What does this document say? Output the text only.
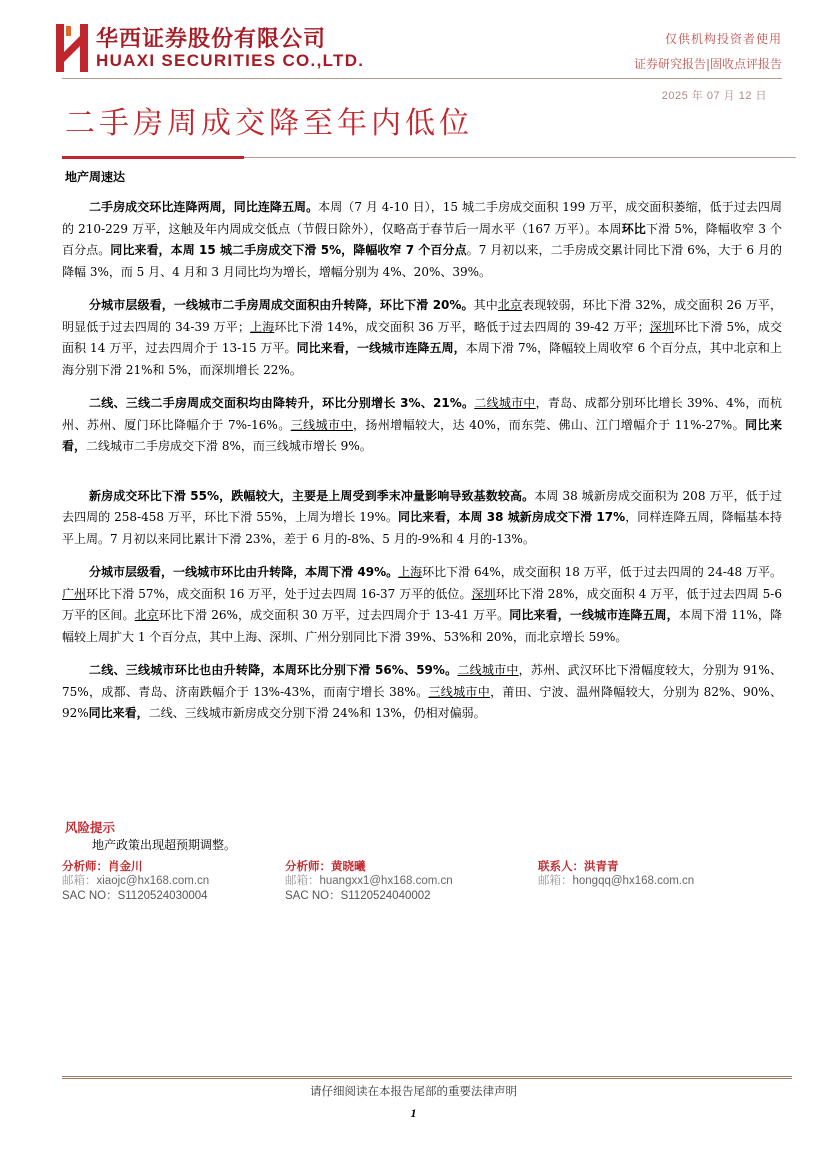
华西证券股份有限公司
HUAXI SECURITIES CO.,LTD.
仅供机构投资者使用
证券研究报告|固收点评报告
2025 年 07 月 12 日
二手房周成交降至年内低位
地产周速达

二手房成交环比连降两周，同比连降五周。本周（7 月 4-10 日），15 城二手房成交面积 199 万平，成交面积萎缩，低于过去四周的 210-229 万平，这触及年内周成交低点（节假日除外），仅略高于春节后一周水平（167 万平）。本周环比下滑 5%，降幅收窄 3 个百分点。同比来看，本周 15 城二手房成交下滑 5%，降幅收窄 7 个百分点。7 月初以来，二手房成交累计同比下滑 6%，大于 6 月的降幅 3%，而 5 月、4 月和 3 月同比均为增长，增幅分别为 4%、20%、39%。

分城市层级看，一线城市二手房周成交面积由升转降，环比下滑 20%。其中北京表现较弱，环比下滑 32%，成交面积 26 万平，明显低于过去四周的 34-39 万平；上海环比下滑 14%，成交面积 36 万平，略低于过去四周的 39-42 万平；深圳环比下滑 5%，成交面积 14 万平，过去四周介于 13-15 万平。同比来看，一线城市连降五周，本周下滑 7%，降幅较上周收窄 6 个百分点，其中北京和上海分别下滑 21%和 5%，而深圳增长 22%。

二线、三线二手房周成交面积均由降转升，环比分别增长 3%、21%。二线城市中，青岛、成都分别环比增长 39%、4%，而杭州、苏州、厦门环比降幅介于 7%-16%。三线城市中，扬州增幅较大，达 40%，而东莞、佛山、江门增幅介于 11%-27%。同比来看，二线城市二手房成交下滑 8%，而三线城市增长 9%。

新房成交环比下滑 55%，跌幅较大，主要是上周受到季末冲量影响导致基数较高。本周 38 城新房成交面积为 208 万平，低于过去四周的 258-458 万平，环比下滑 55%，上周为增长 19%。同比来看，本周 38 城新房成交下滑 17%，同样连降五周，降幅基本持平上周。7 月初以来同比累计下滑 23%，差于 6 月的-8%、5 月的-9%和 4 月的-13%。

分城市层级看，一线城市环比由升转降，本周下滑 49%。上海环比下滑 64%，成交面积 18 万平，低于过去四周的 24-48 万平。广州环比下滑 57%，成交面积 16 万平，处于过去四周 16-37 万平的低位。深圳环比下滑 28%，成交面积 4 万平，低于过去四周 5-6 万平的区间。北京环比下滑 26%，成交面积 30 万平，过去四周介于 13-41 万平。同比来看，一线城市连降五周，本周下滑 11%，降幅较上周扩大 1 个百分点，其中上海、深圳、广州分别同比下滑 39%、53%和 20%，而北京增长 59%。

二线、三线城市环比也由升转降，本周环比分别下滑 56%、59%。二线城市中，苏州、武汉环比下滑幅度较大，分别为 91%、75%，成都、青岛、济南跌幅介于 13%-43%，而南宁增长 38%。三线城市中，莆田、宁波、温州降幅较大，分别为 82%、90%、92%同比来看，二线、三线城市新房成交分别下滑 24%和 13%，仍相对偏弱。

风险提示
地产政策出现超预期调整。
分析师：肖金川
邮箱：xiaojc@hx168.com.cn
SAC NO：S1120524030004
分析师：黄晓曦
邮箱：huangxx1@hx168.com.cn
SAC NO：S1120524040002
联系人：洪青青
邮箱：hongqq@hx168.com.cn
请仔细阅读在本报告尾部的重要法律声明
1
